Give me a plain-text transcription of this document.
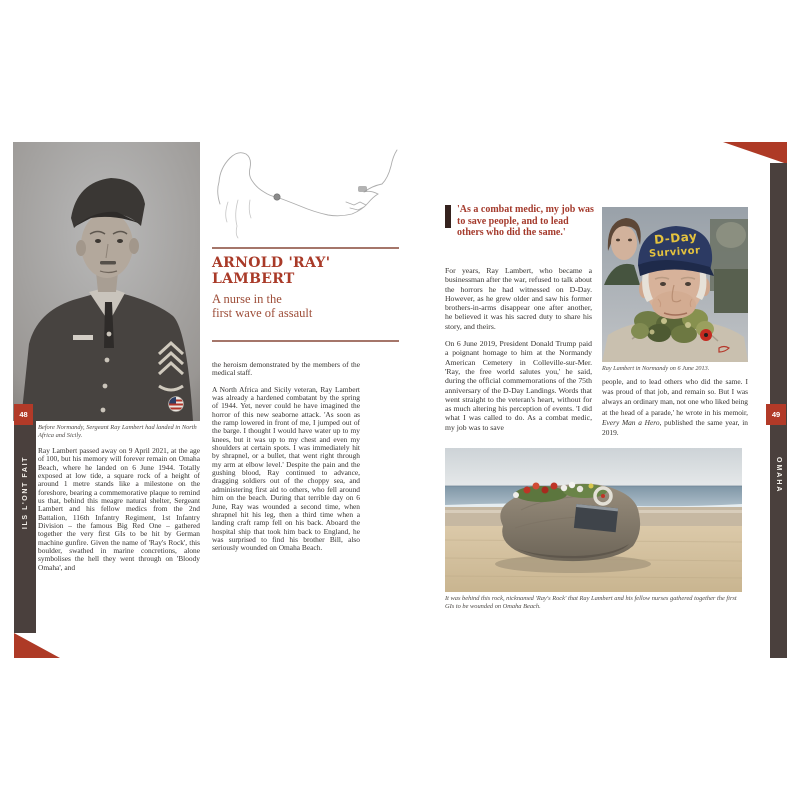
ILS L'ONT FAIT	OMAHA
48
Before Normandy, Sergeant Ray Lambert had landed in North Africa and Sicily.
Ray Lambert passed away on 9 April 2021, at the age of 100, but his memory will forever remain on Omaha Beach, where he landed on 6 June 1944. Totally exposed at low tide, a square rock of a height of around 1 metre stands like a milestone on the foreshore, bearing a commemorative plaque to remind us that, behind this meagre natural shelter, Sergeant Lambert and his fellow medics from the 2nd Battalion, 116th Infantry Regiment, 1st Infantry Division – the famous Big Red One – gathered together the very first GIs to be hit by German machine gunfire. Given the name of 'Ray's Rock', this boulder, swathed in marine concretions, alone symbolises the hell they went through on 'Bloody Omaha', and
ARNOLD 'RAY'
LAMBERT
A nurse in the
first wave of assault

the heroism demonstrated by the members of the medical staff.

A North Africa and Sicily veteran, Ray Lambert was already a hardened combatant by the spring of 1944. Yet, never could he have imagined the horror of this new seaborne attack. 'As soon as the ramp lowered in front of me, I jumped out of the barge. I thought I would have water up to my knees, but it was up to my chest and even my shoulders at certain spots. I was immediately hit by shrapnel, or a bullet, that went right through my arm at elbow level.' Despite the pain and the gushing blood, Ray continued to advance, dragging soldiers out of the choppy sea, and administering first aid to others, who fell around him on the beach. During that terrible day on 6 June, Ray was wounded a second time, when shrapnel hit his leg, then a third time when a landing craft ramp fell on his back. Aboard the hospital ship that took him back to England, he was surprised to find his brother Bill, also seriously wounded on Omaha Beach.

'As a combat medic, my job was to save people, and to lead others who did the same.'

For years, Ray Lambert, who became a businessman after the war, refused to talk about the horrors he had witnessed on D-Day. However, as he grew older and saw his former brothers-in-arms disappear one after another, he believed it was his sacred duty to share his story, and theirs.

On 6 June 2019, President Donald Trump paid a poignant homage to him at the Normandy American Cemetery in Colleville-sur-Mer. 'Ray, the free world salutes you,' he said, during the official commemorations of the 75th anniversary of the D-Day Landings. Words that went straight to the veteran's heart, without for as much altering his perception of events. 'I did what I was called to do. As a combat medic, my job was to save

D-Day
Survivor
Ray Lambert in Normandy on 6 June 2013.

people, and to lead others who did the same. I was proud of that job, and remain so. But I was always an ordinary man, not one who liked being at the head of a parade,' he wrote in his memoir, Every Man a Hero, published the same year, in 2019.

It was behind this rock, nicknamed 'Ray's Rock' that Ray Lambert and his fellow nurses gathered together the first GIs to be wounded on Omaha Beach.
49
